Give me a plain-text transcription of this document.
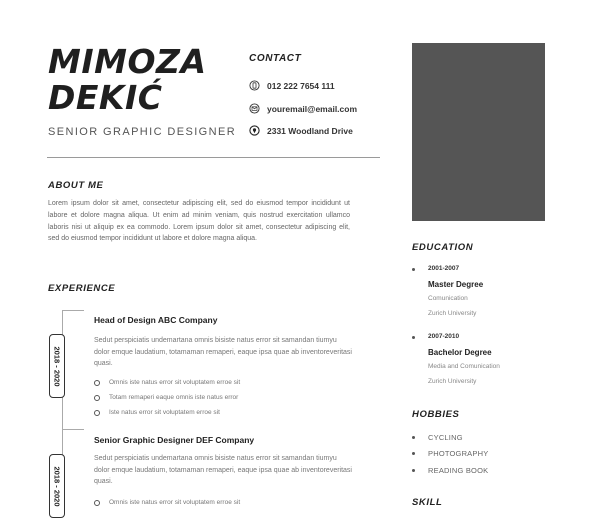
MIMOZA
DEKIĆ
SENIOR GRAPHIC DESIGNER
CONTACT
012 222 7654 111
youremail@email.com
2331 Woodland Drive
ABOUT ME
Lorem ipsum dolor sit amet, consectetur adipiscing elit, sed do eiusmod tempor incididunt ut labore et dolore magna aliqua. Ut enim ad minim veniam, quis nostrud exercitation ullamco laboris nisi ut aliquip ex ea commodo. Lorem ipsum dolor sit amet, consectetur adipiscing elit, sed do eiusmod tempor incididunt ut labore et dolore magna aliqua.
EXPERIENCE
2018 - 2020
2018 - 2020
Head of Design ABC Company
Sedut perspiciatis undemartana omnis bisiste natus error sit samandan tiumyu dolor emque laudatium, totamaman remaperi, eaque ipsa quae ab inventoreveritasi quasi.
Omnis iste natus error sit voluptatem erroe sit
Totam remaperi eaque omnis iste natus error
Iste natus error sit voluptatem erroe sit
Senior Graphic Designer DEF Company
Sedut perspiciatis undemartana omnis bisiste natus error sit samandan tiumyu dolor emque laudatium, totamaman remaperi, eaque ipsa quae ab inventoreveritasi quasi.
Omnis iste natus error sit voluptatem erroe sit
EDUCATION
2001-2007
Master Degree
Comunication
Zurich University
2007-2010
Bachelor Degree
Media and Comunication
Zurich University
HOBBIES
CYCLING
PHOTOGRAPHY
READING BOOK
SKILL
